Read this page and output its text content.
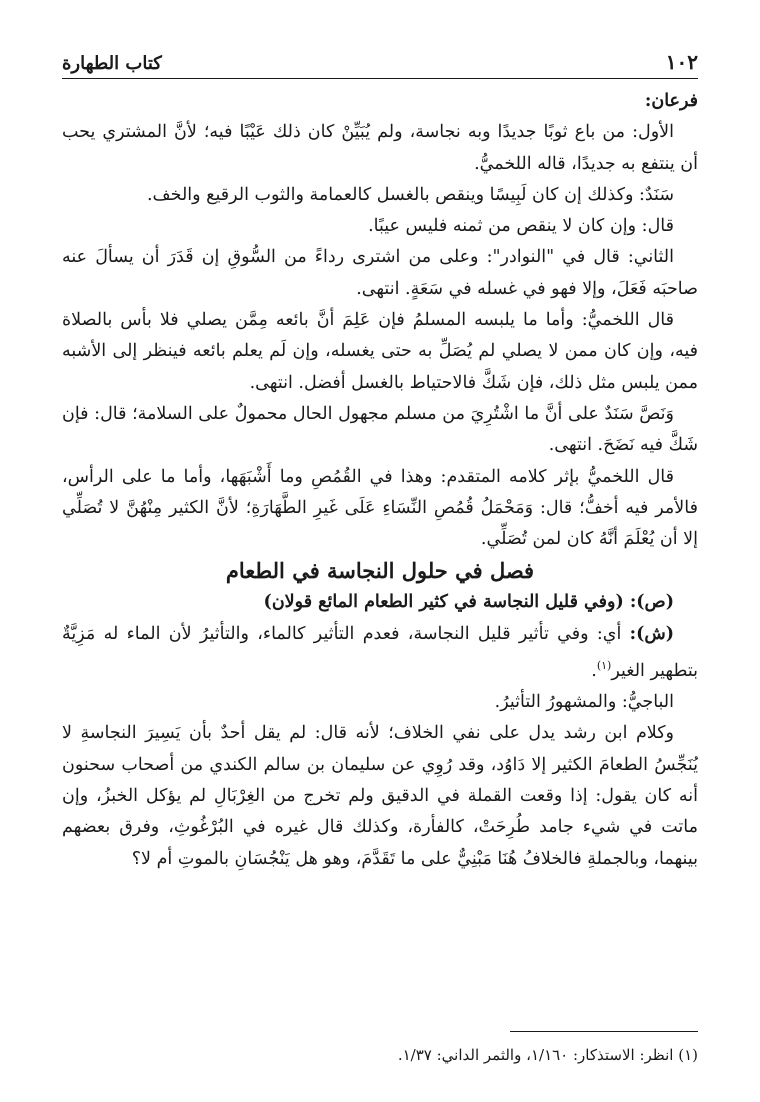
١٠٢
كتاب الطهارة

فرعان:

الأول: من باع ثوبًا جديدًا وبه نجاسة، ولم يُبَيِّنْ كان ذلك عَيْبًا فيه؛ لأنَّ المشتري يحب أن ينتفع به جديدًا، قاله اللخميُّ.

سَنَدٌ: وكذلك إن كان لَبِيسًا وينقص بالغسل كالعمامة والثوب الرقيع والخف.

قال: وإن كان لا ينقص من ثمنه فليس عيبًا.

الثاني: قال في "النوادر": وعلى من اشترى رداءً من السُّوقِ إن قَدَرَ أن يسألَ عنه صاحبَه فَعَلَ، وإلا فهو في غسله في سَعَةٍ. انتهى.

قال اللخميُّ: وأما ما يلبسه المسلمُ فإن عَلِمَ أنَّ بائعه مِمَّن يصلي فلا بأس بالصلاة فيه، وإن كان ممن لا يصلي لم يُصَلِّ به حتى يغسله، وإن لَم يعلم بائعه فينظر إلى الأشبه ممن يلبس مثل ذلك، فإن شَكَّ فالاحتياط بالغسل أفضل. انتهى.

وَنَصَّ سَنَدٌ على أنَّ ما اشْتُرِيَ من مسلم مجهول الحال محمولٌ على السلامة؛ قال: فإن شَكَّ فيه نَضَحَ. انتهى.

قال اللخميُّ بإثر كلامه المتقدم: وهذا في القُمُصِ وما أَشْبَهَها، وأما ما على الرأس، فالأمر فيه أخفُّ؛ قال: وَمَحْمَلُ قُمُصِ النِّسَاءِ عَلَى غَيرِ الطَّهَارَةِ؛ لأنَّ الكثير مِنْهُنَّ لا تُصَلِّي إلا أن يُعْلَمَ أنَّهُ كان لمن تُصَلِّي.

فصل في حلول النجاسة في الطعام

(ص): (وفي قليل النجاسة في كثير الطعام المائع قولان)

(ش): أي: وفي تأثير قليل النجاسة، فعدم التأثير كالماء، والتأثيرُ لأن الماء له مَزِيَّةٌ بتطهير الغير$^{(١)}$.

الباجيُّ: والمشهورُ التأثيرُ.

وكلام ابن رشد يدل على نفي الخلاف؛ لأنه قال: لم يقل أحدٌ بأن يَسِيرَ النجاسةِ لا يُنَجِّسُ الطعامَ الكثير إلا دَاوُد، وقد رُوِي عن سليمان بن سالم الكندي من أصحاب سحنون أنه كان يقول: إذا وقعت القملة في الدقيق ولم تخرج من الغِرْبَالِ لم يؤكل الخبزُ، وإن ماتت في شيء جامد طُرِحَتْ، كالفأرة، وكذلك قال غيره في البُرْغُوثِ، وفرق بعضهم بينهما، وبالجملةِ فالخلافُ هُنَا مَبْنِيٌّ على ما تَقَدَّمَ، وهو هل يَنْجُسَانِ بالموتِ أم لا؟

(١) انظر: الاستذكار: ١/١٦٠، والثمر الداني: ١/٣٧.
